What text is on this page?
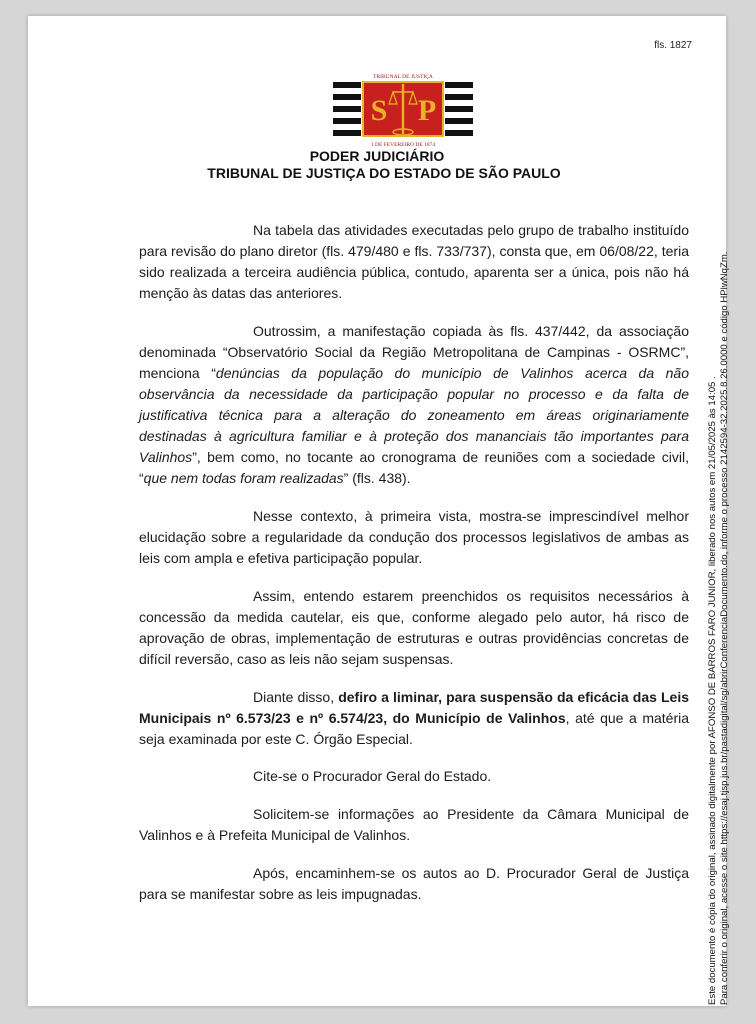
fls. 1827
TRIBUNAL DE JUSTIÇA
S P
1 DE FEVEREIRO DE 1874
PODER JUDICIÁRIO
TRIBUNAL DE JUSTIÇA DO ESTADO DE SÃO PAULO

Na tabela das atividades executadas pelo grupo de trabalho instituído para revisão do plano diretor (fls. 479/480 e fls. 733/737), consta que, em 06/08/22, teria sido realizada a terceira audiência pública, contudo, aparenta ser a única, pois não há menção às datas das anteriores.

Outrossim, a manifestação copiada às fls. 437/442, da associação denominada “Observatório Social da Região Metropolitana de Campinas - OSRMC”, menciona “denúncias da população do município de Valinhos acerca da não observância da necessidade da participação popular no processo e da falta de justificativa técnica para a alteração do zoneamento em áreas originariamente destinadas à agricultura familiar e à proteção dos mananciais tão importantes para Valinhos”, bem como, no tocante ao cronograma de reuniões com a sociedade civil, “que nem todas foram realizadas” (fls. 438).

Nesse contexto, à primeira vista, mostra-se imprescindível melhor elucidação sobre a regularidade da condução dos processos legislativos de ambas as leis com ampla e efetiva participação popular.

Assim, entendo estarem preenchidos os requisitos necessários à concessão da medida cautelar, eis que, conforme alegado pelo autor, há risco de aprovação de obras, implementação de estruturas e outras providências concretas de difícil reversão, caso as leis não sejam suspensas.

Diante disso, defiro a liminar, para suspensão da eficácia das Leis Municipais nº 6.573/23 e nº 6.574/23, do Município de Valinhos, até que a matéria seja examinada por este C. Órgão Especial.

Cite-se o Procurador Geral do Estado.

Solicitem-se informações ao Presidente da Câmara Municipal de Valinhos e à Prefeita Municipal de Valinhos.

Após, encaminhem-se os autos ao D. Procurador Geral de Justiça para se manifestar sobre as leis impugnadas.	Este documento é cópia do original, assinado digitalmente por AFONSO DE BARROS FARO JUNIOR, liberado nos autos em 21/05/2025 às 14:05 . Para conferir o original, acesse o site https://esaj.tjsp.jus.br/pastadigital/sg/abrirConferenciaDocumento.do, informe o processo 2142594-32.2025.8.26.0000 e código HPlwNqZm.
